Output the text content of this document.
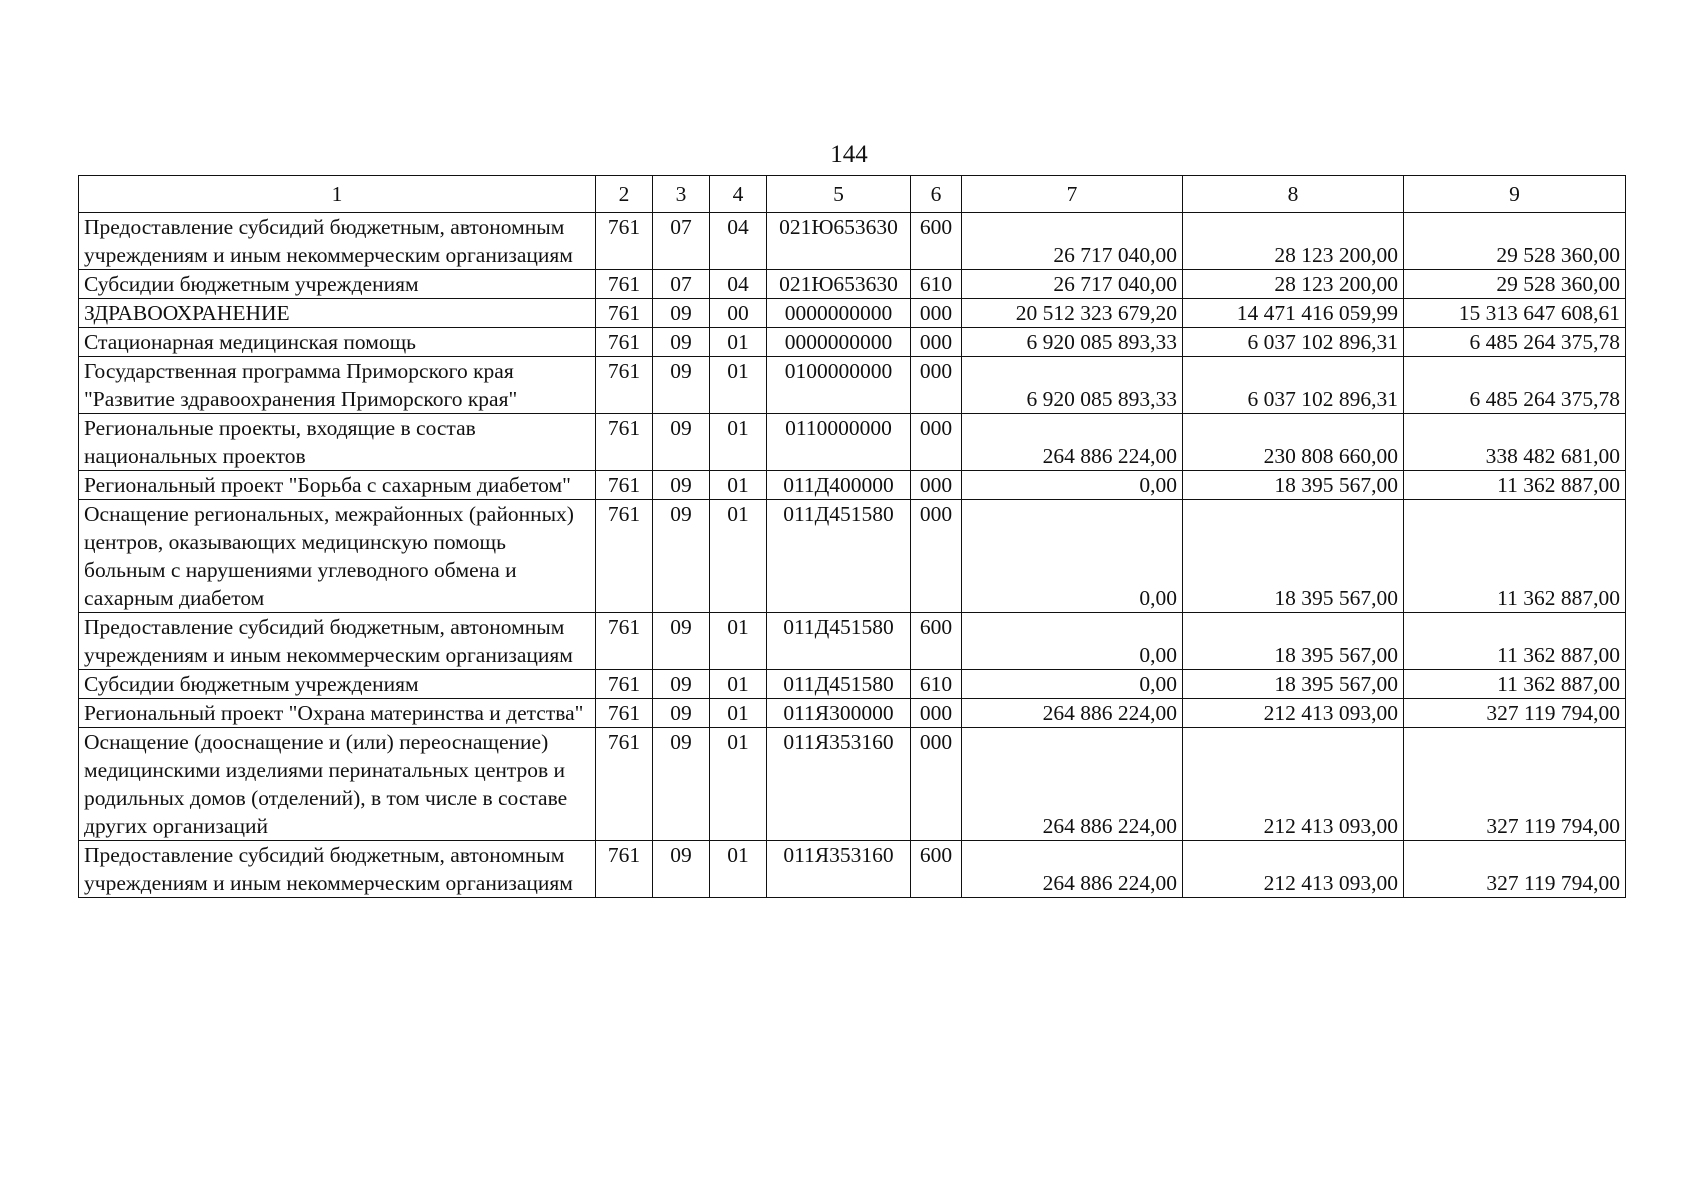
144
1	2	3	4	5	6	7	8	9
Предоставление субсидий бюджетным, автономным учреждениям и иным некоммерческим организациям	761	07	04	021Ю653630	600	26 717 040,00	28 123 200,00	29 528 360,00
Субсидии бюджетным учреждениям	761	07	04	021Ю653630	610	26 717 040,00	28 123 200,00	29 528 360,00
ЗДРАВООХРАНЕНИЕ	761	09	00	0000000000	000	20 512 323 679,20	14 471 416 059,99	15 313 647 608,61
Стационарная медицинская помощь	761	09	01	0000000000	000	6 920 085 893,33	6 037 102 896,31	6 485 264 375,78
Государственная программа Приморского края "Развитие здравоохранения Приморского края"	761	09	01	0100000000	000	6 920 085 893,33	6 037 102 896,31	6 485 264 375,78
Региональные проекты, входящие в состав национальных проектов	761	09	01	0110000000	000	264 886 224,00	230 808 660,00	338 482 681,00
Региональный проект "Борьба с сахарным диабетом"	761	09	01	011Д400000	000	0,00	18 395 567,00	11 362 887,00
Оснащение региональных, межрайонных (районных) центров, оказывающих медицинскую помощь больным с нарушениями углеводного обмена и сахарным диабетом	761	09	01	011Д451580	000	0,00	18 395 567,00	11 362 887,00
Предоставление субсидий бюджетным, автономным учреждениям и иным некоммерческим организациям	761	09	01	011Д451580	600	0,00	18 395 567,00	11 362 887,00
Субсидии бюджетным учреждениям	761	09	01	011Д451580	610	0,00	18 395 567,00	11 362 887,00
Региональный проект "Охрана материнства и детства"	761	09	01	011Я300000	000	264 886 224,00	212 413 093,00	327 119 794,00
Оснащение (дооснащение и (или) переоснащение) медицинскими изделиями перинатальных центров и родильных домов (отделений), в том числе в составе других организаций	761	09	01	011Я353160	000	264 886 224,00	212 413 093,00	327 119 794,00
Предоставление субсидий бюджетным, автономным учреждениям и иным некоммерческим организациям	761	09	01	011Я353160	600	264 886 224,00	212 413 093,00	327 119 794,00
